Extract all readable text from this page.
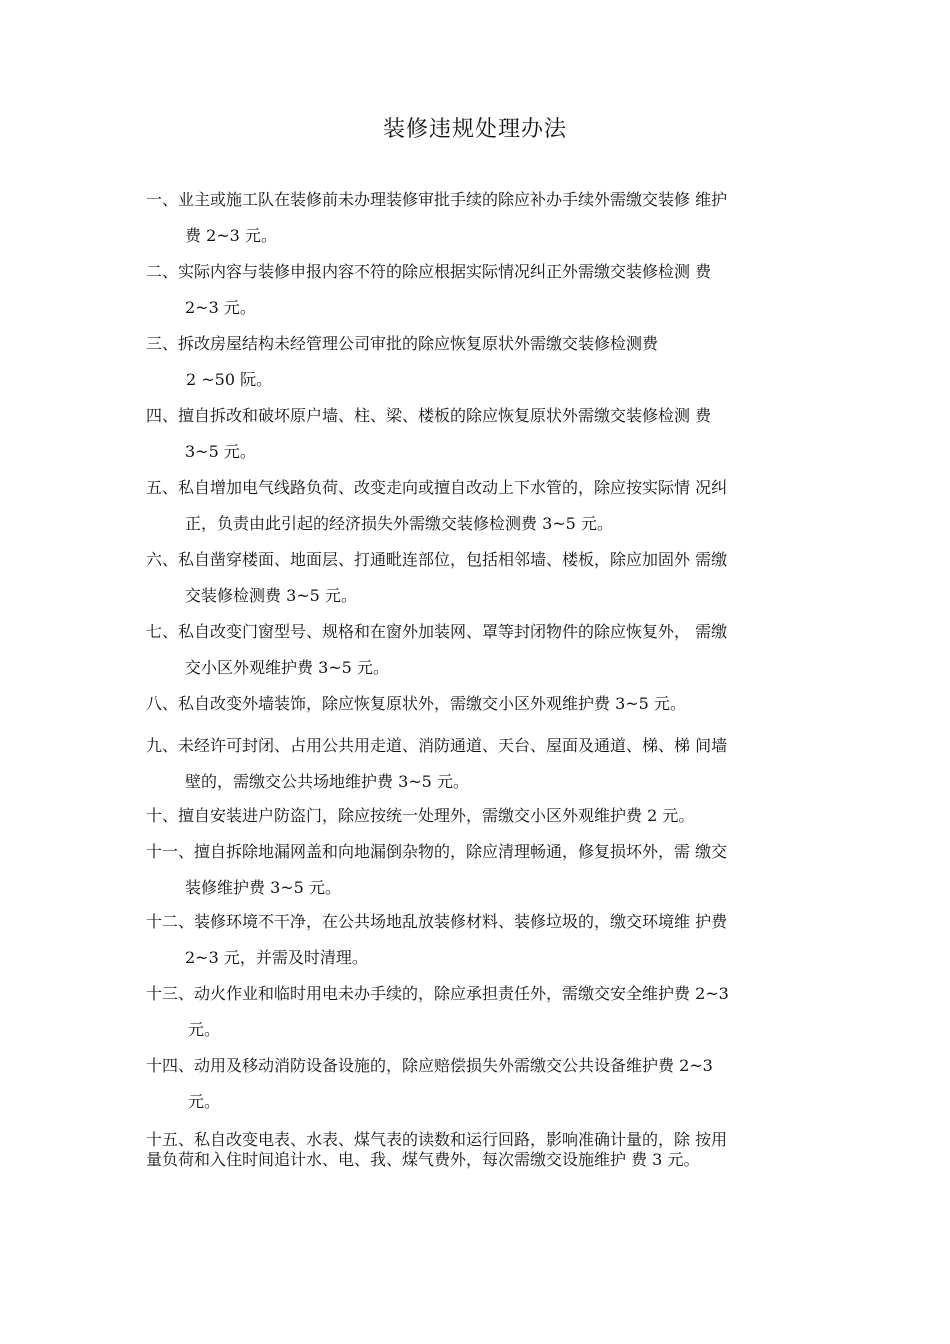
装修违规处理办法
一、业主或施工队在装修前未办理装修审批手续的除应补办手续外需缴交装修 维护
费 2~3 元。
二、实际内容与装修申报内容不符的除应根据实际情况纠正外需缴交装修检测 费
2~3 元。
三、拆改房屋结构未经管理公司审批的除应恢复原状外需缴交装修检测费
2 ~50 阮。
四、擅自拆改和破坏原户墙、柱、梁、楼板的除应恢复原状外需缴交装修检测 费
3~5 元。
五、私自增加电气线路负荷、改变走向或擅自改动上下水管的，除应按实际情 况纠
正，负责由此引起的经济损失外需缴交装修检测费 3~5 元。
六、私自凿穿楼面、地面层、打通毗连部位，包括相邻墙、楼板，除应加固外 需缴
交装修检测费 3~5 元。
七、私自改变门窗型号、规格和在窗外加装网、罩等封闭物件的除应恢复外， 需缴
交小区外观维护费 3~5 元。
八、私自改变外墙装饰，除应恢复原状外，需缴交小区外观维护费 3~5 元。
九、未经许可封闭、占用公共用走道、消防通道、天台、屋面及通道、梯、梯 间墙
壁的，需缴交公共场地维护费 3~5 元。
十、擅自安装进户防盗门，除应按统一处理外，需缴交小区外观维护费 2 元。
十一、擅自拆除地漏网盖和向地漏倒杂物的，除应清理畅通，修复损坏外，需 缴交
装修维护费 3~5 元。
十二、装修环境不干净，在公共场地乱放装修材料、装修垃圾的，缴交环境维 护费
2~3 元，并需及时清理。
十三、动火作业和临时用电未办手续的，除应承担责任外，需缴交安全维护费 2~3
元。
十四、动用及移动消防设备设施的，除应赔偿损失外需缴交公共设备维护费 2~3
元。
十五、私自改变电表、水表、煤气表的读数和运行回路，影响准确计量的，除 按用
量负荷和入住时间追计水、电、我、煤气费外，每次需缴交设施维护 费 3 元。
